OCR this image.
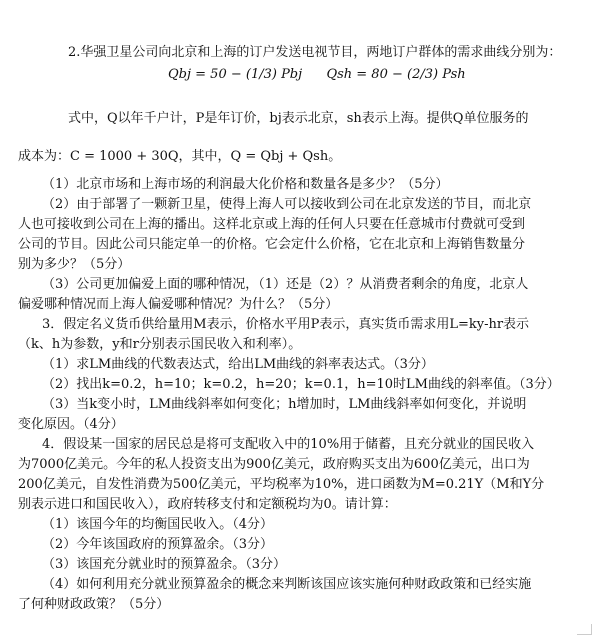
2.华强卫星公司向北京和上海的订户发送电视节目，两地订户群体的需求曲线分别为：
Qbj = 50 − (1/3) Pbj Qsh = 80 − (2/3) Psh
式中，Q以年千户计，P是年订价，bj表示北京，sh表示上海。提供Q单位服务的
成本为：C = 1000 + 30Q，其中，Q = Qbj + Qsh。
（1）北京市场和上海市场的利润最大化价格和数量各是多少？（5分）
（2）由于部署了一颗新卫星，使得上海人可以接收到公司在北京发送的节目，而北京
人也可接收到公司在上海的播出。这样北京或上海的任何人只要在任意城市付费就可受到
公司的节目。因此公司只能定单一的价格。它会定什么价格，它在北京和上海销售数量分
别为多少？（5分）
（3）公司更加偏爱上面的哪种情况，（1）还是（2）？从消费者剩余的角度，北京人
偏爱哪种情况而上海人偏爱哪种情况？为什么？（5分）
3．假定名义货币供给量用M表示，价格水平用P表示，真实货币需求用L=ky-hr表示
（k、h为参数，y和r分别表示国民收入和利率）。
（1）求LM曲线的代数表达式，给出LM曲线的斜率表达式。（3分）
（2）找出k=0.2，h=10；k=0.2，h=20；k=0.1，h=10时LM曲线的斜率值。（3分）
（3）当k变小时，LM曲线斜率如何变化；h增加时，LM曲线斜率如何变化，并说明
变化原因。（4分）
4．假设某一国家的居民总是将可支配收入中的10%用于储蓄，且充分就业的国民收入
为7000亿美元。今年的私人投资支出为900亿美元，政府购买支出为600亿美元，出口为
200亿美元，自发性消费为500亿美元，平均税率为10%，进口函数为M=0.21Y（M和Y分
别表示进口和国民收入），政府转移支付和定额税均为0。请计算：
（1）该国今年的均衡国民收入。（4分）
（2）今年该国政府的预算盈余。（3分）
（3）该国充分就业时的预算盈余。（3分）
（4）如何利用充分就业预算盈余的概念来判断该国应该实施何种财政政策和已经实施
了何种财政政策？（5分）
